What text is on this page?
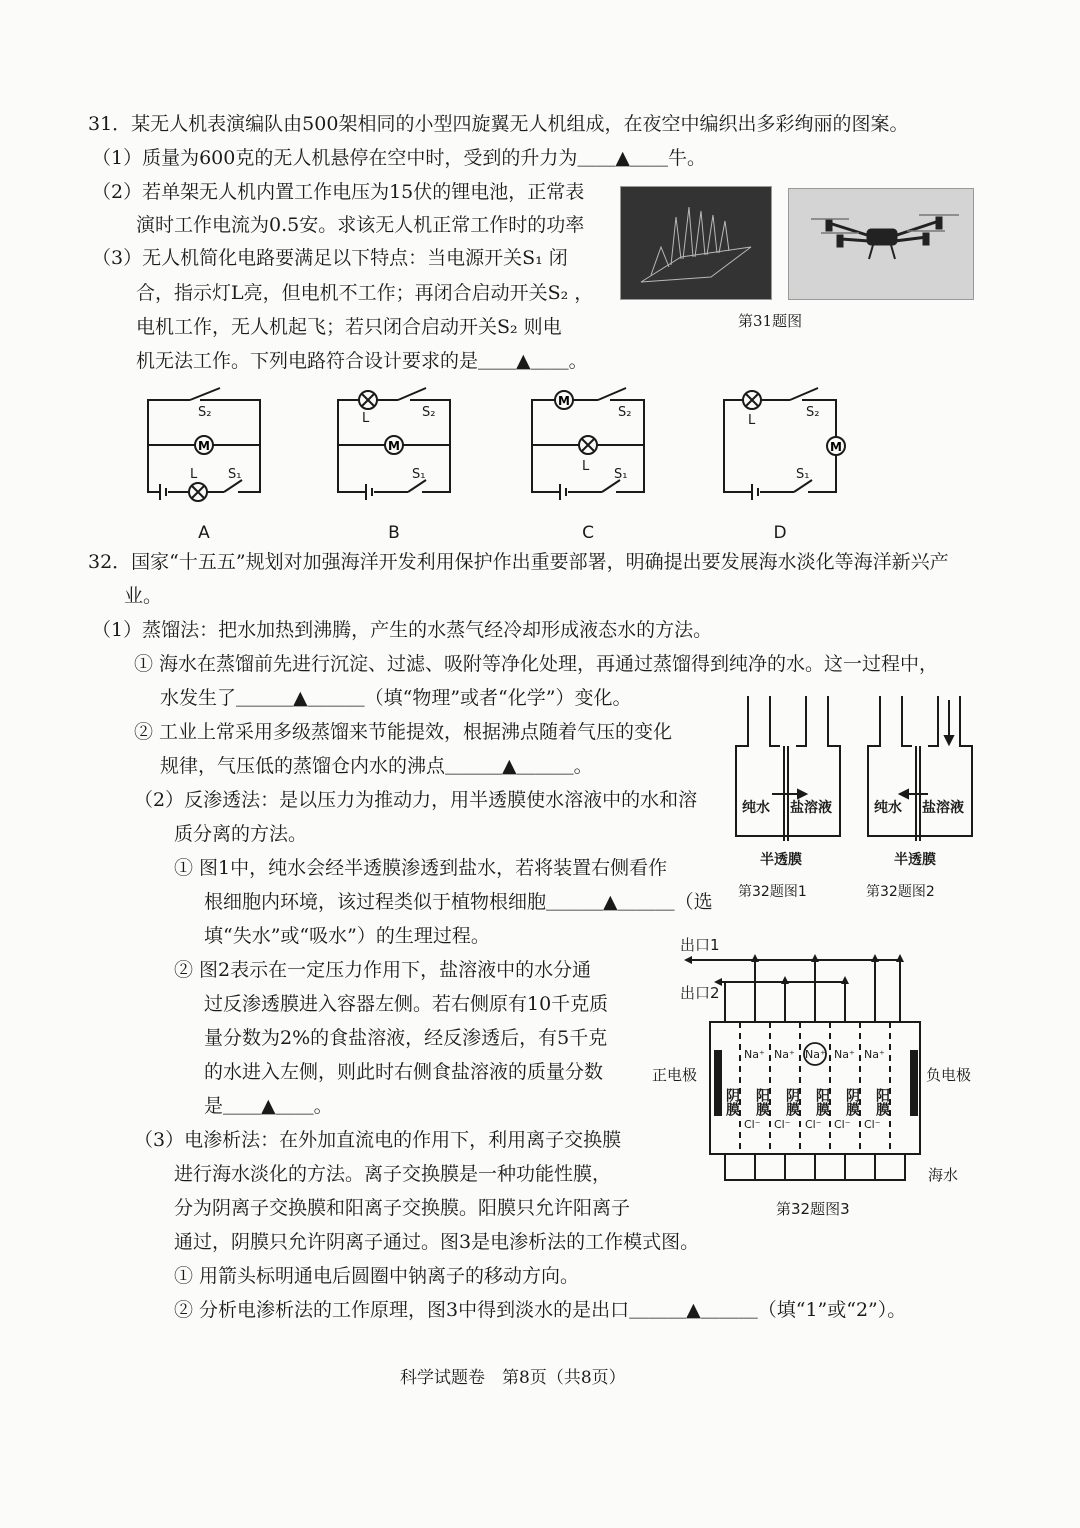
31．某无人机表演编队由500架相同的小型四旋翼无人机组成，在夜空中编织出多彩绚丽的图案。
（1）质量为600克的无人机悬停在空中时，受到的升力为＿＿▲＿＿牛。
（2）若单架无人机内置工作电压为15伏的锂电池，正常表
演时工作电流为0.5安。求该无人机正常工作时的功率
（3）无人机简化电路要满足以下特点：当电源开关S₁ 闭
合，指示灯L亮，但电机不工作；再闭合启动开关S₂ ，
电机工作，无人机起飞；若只闭合启动开关S₂ 则电
机无法工作。下列电路符合设计要求的是＿＿▲＿＿。
第31题图
M
S₂
L S₁
L	S₂
S₁
S₂
L
S₁
L
S₂
S₁
A	B	C	D
32．国家“十五五”规划对加强海洋开发利用保护作出重要部署，明确提出要发展海水淡化等海洋新兴产
业。
（1）蒸馏法：把水加热到沸腾，产生的水蒸气经冷却形成液态水的方法。
① 海水在蒸馏前先进行沉淀、过滤、吸附等净化处理，再通过蒸馏得到纯净的水。这一过程中，
水发生了＿＿＿▲＿＿＿（填“物理”或者“化学”）变化。
② 工业上常采用多级蒸馏来节能提效，根据沸点随着气压的变化
规律，气压低的蒸馏仓内水的沸点＿＿＿▲＿＿＿。
（2）反渗透法：是以压力为推动力，用半透膜使水溶液中的水和溶
质分离的方法。
① 图1中，纯水会经半透膜渗透到盐水，若将装置右侧看作
根细胞内环境，该过程类似于植物根细胞＿＿＿▲＿＿＿（选
填“失水”或“吸水”）的生理过程。
② 图2表示在一定压力作用下，盐溶液中的水分通
过反渗透膜进入容器左侧。若右侧原有10千克质
量分数为2%的食盐溶液，经反渗透后，有5千克
的水进入左侧，则此时右侧食盐溶液的质量分数
是＿＿▲＿＿。
（3）电渗析法：在外加直流电的作用下，利用离子交换膜
进行海水淡化的方法。离子交换膜是一种功能性膜，
分为阴离子交换膜和阳离子交换膜。阳膜只允许阳离子
通过，阴膜只允许阴离子通过。图3是电渗析法的工作模式图。
① 用箭头标明通电后圆圈中钠离子的移动方向。
② 分析电渗析法的工作原理，图3中得到淡水的是出口＿＿＿▲＿＿＿（填“1”或“2”）。
纯水 盐溶液
半透膜
纯水 盐溶液
半透膜
第32题图1	第32题图2
Na⁺ Na⁺ Na⁺ Na⁺ Na⁺
Cl⁻ Cl⁻ Cl⁻ Cl⁻ Cl⁻
阴膜 阳膜 阴膜 阳膜 阴膜 阳膜
出口1
出口2
正电极	负电极
海水
第32题图3
科学试题卷　第8页（共8页）
